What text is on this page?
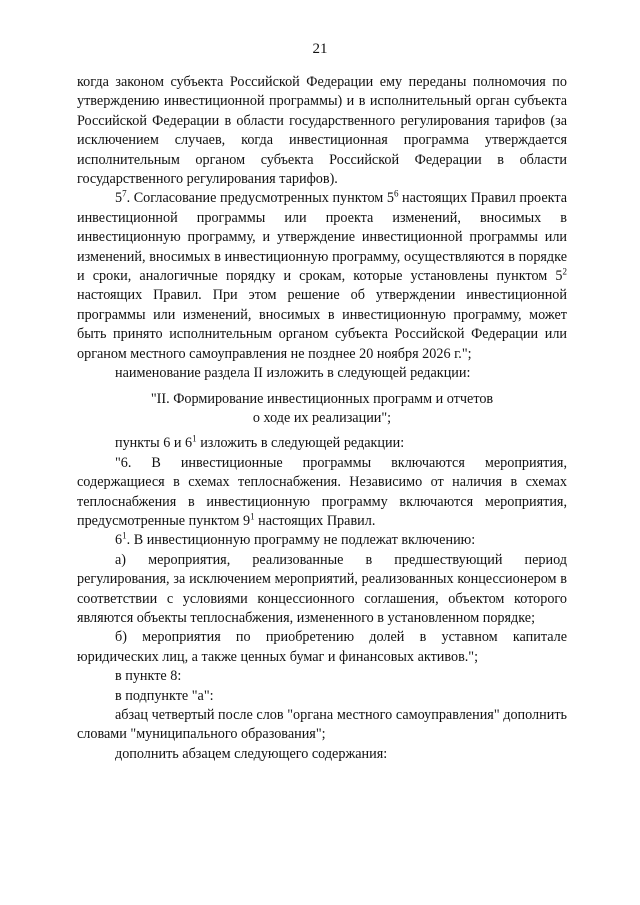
21

когда законом субъекта Российской Федерации ему переданы полномочия по утверждению инвестиционной программы) и в исполнительный орган субъекта Российской Федерации в области государственного регулирования тарифов (за исключением случаев, когда инвестиционная программа утверждается исполнительным органом субъекта Российской Федерации в области государственного регулирования тарифов).

$5^7$. Согласование предусмотренных пунктом $5^6$ настоящих Правил проекта инвестиционной программы или проекта изменений, вносимых в инвестиционную программу, и утверждение инвестиционной программы или изменений, вносимых в инвестиционную программу, осуществляются в порядке и сроки, аналогичные порядку и срокам, которые установлены пунктом $5^2$ настоящих Правил. При этом решение об утверждении инвестиционной программы или изменений, вносимых в инвестиционную программу, может быть принято исполнительным органом субъекта Российской Федерации или органом местного самоуправления не позднее 20 ноября 2026 г.";

наименование раздела II изложить в следующей редакции:

"II. Формирование инвестиционных программ и отчетов

о ходе их реализации";

пункты 6 и $6^1$ изложить в следующей редакции:

"6. В инвестиционные программы включаются мероприятия, содержащиеся в схемах теплоснабжения. Независимо от наличия в схемах теплоснабжения в инвестиционную программу включаются мероприятия, предусмотренные пунктом $9^1$ настоящих Правил.

$6^1$. В инвестиционную программу не подлежат включению:

а) мероприятия, реализованные в предшествующий период регулирования, за исключением мероприятий, реализованных концессионером в соответствии с условиями концессионного соглашения, объектом которого являются объекты теплоснабжения, измененного в установленном порядке;

б) мероприятия по приобретению долей в уставном капитале юридических лиц, а также ценных бумаг и финансовых активов.";

в пункте 8:

в подпункте "а":

абзац четвертый после слов "органа местного самоуправления" дополнить словами "муниципального образования";

дополнить абзацем следующего содержания:
